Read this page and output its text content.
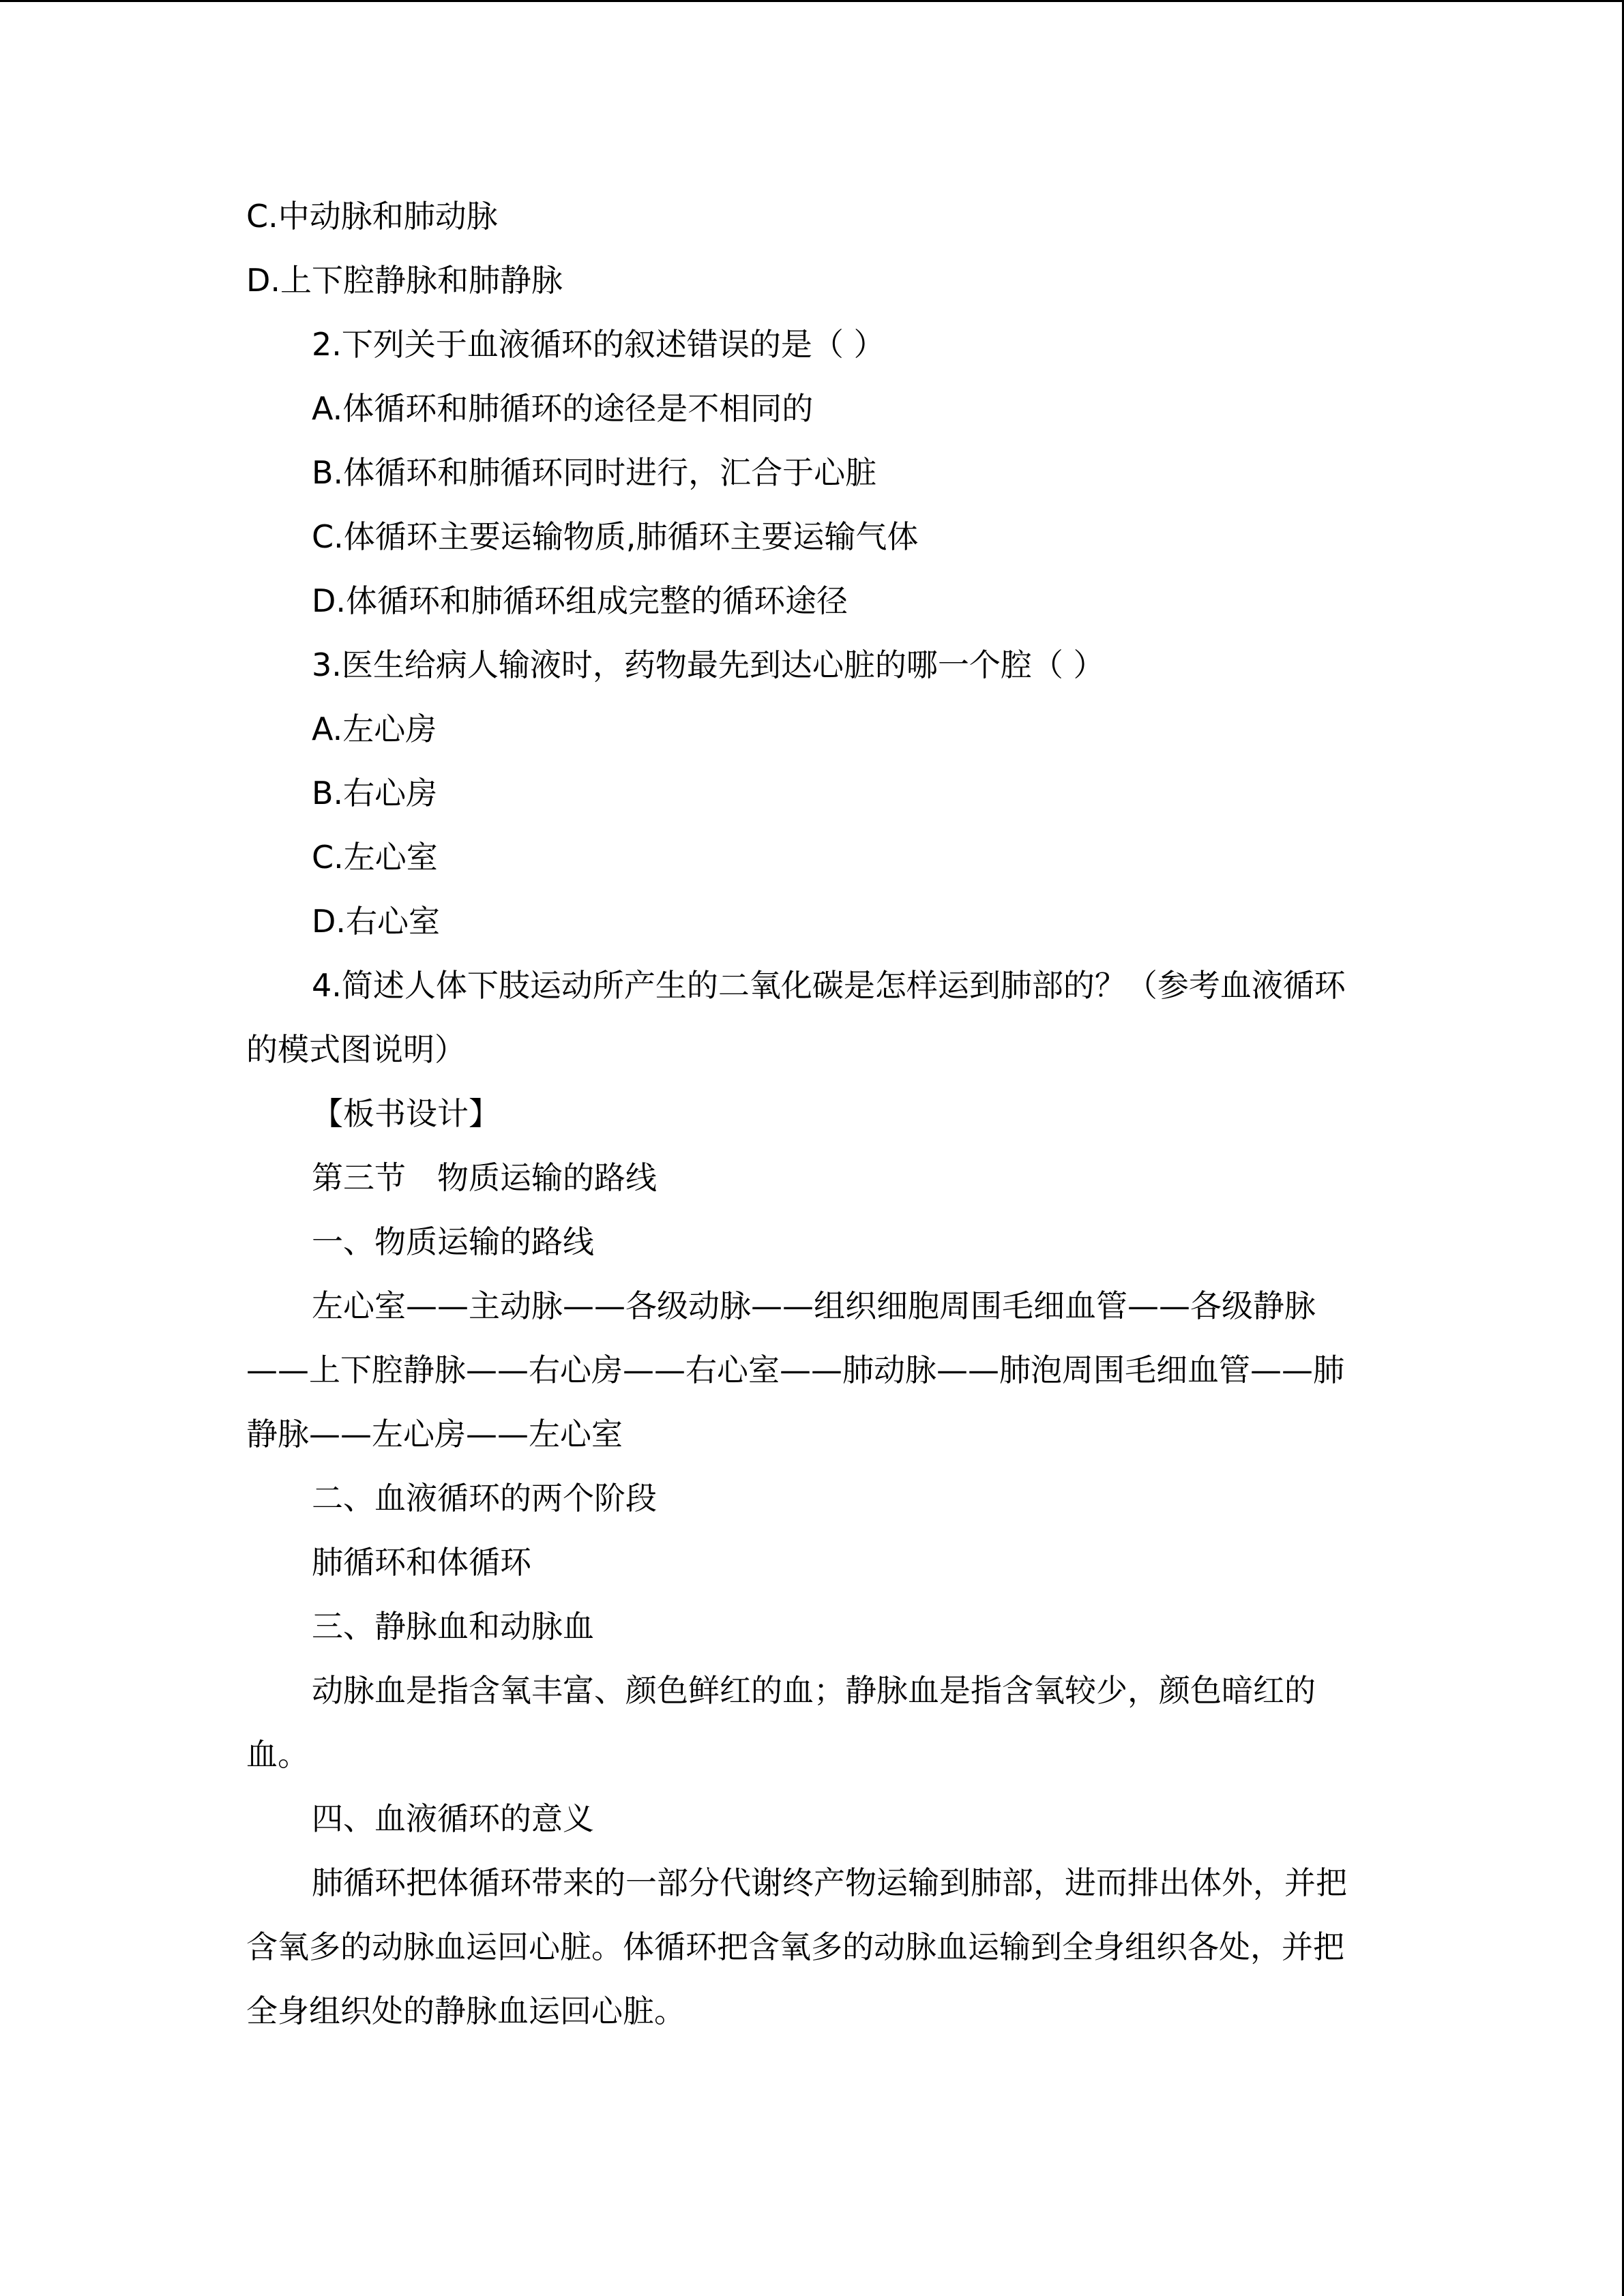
C.中动脉和肺动脉
D.上下腔静脉和肺静脉
2.下列关于血液循环的叙述错误的是（ ）
A.体循环和肺循环的途径是不相同的
B.体循环和肺循环同时进行，汇合于心脏
C.体循环主要运输物质,肺循环主要运输气体
D.体循环和肺循环组成完整的循环途径
3.医生给病人输液时，药物最先到达心脏的哪一个腔（ ）
A.左心房
B.右心房
C.左心室
D.右心室
4.简述人体下肢运动所产生的二氧化碳是怎样运到肺部的？（参考血液循环的模式图说明）
【板书设计】
第三节　物质运输的路线
一、物质运输的路线
左心室——主动脉——各级动脉——组织细胞周围毛细血管——各级静脉——上下腔静脉——右心房——右心室——肺动脉——肺泡周围毛细血管——肺静脉——左心房——左心室
二、血液循环的两个阶段
肺循环和体循环
三、静脉血和动脉血
动脉血是指含氧丰富、颜色鲜红的血；静脉血是指含氧较少，颜色暗红的血。
四、血液循环的意义
肺循环把体循环带来的一部分代谢终产物运输到肺部，进而排出体外，并把含氧多的动脉血运回心脏。体循环把含氧多的动脉血运输到全身组织各处，并把全身组织处的静脉血运回心脏。
